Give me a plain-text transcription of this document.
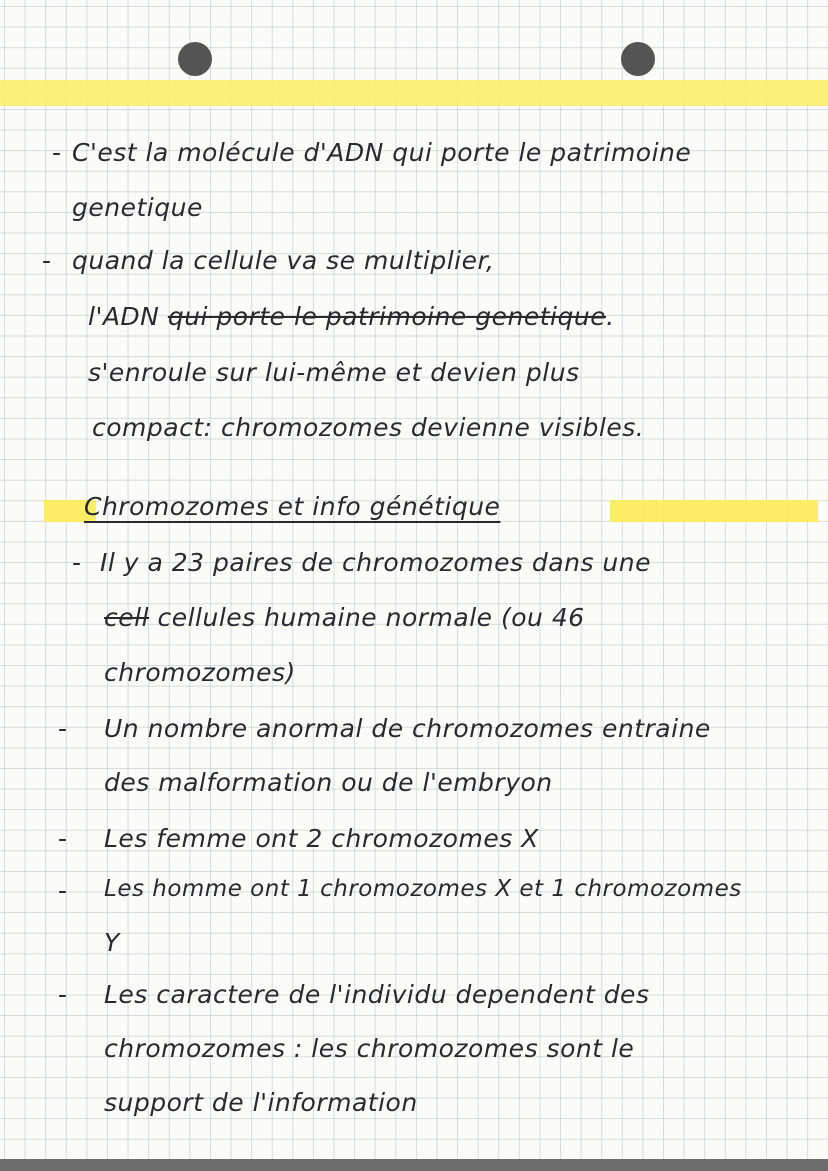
- C'est la molécule d'ADN qui porte le patrimoine
genetique
- quand la cellule va se multiplier,
l'ADN qui porte le patrimoine genetique.
s'enroule sur lui-même et devien plus
compact: chromozomes devienne visibles.
Chromozomes et info génétique
- Il y a 23 paires de chromozomes dans une
cell cellules humaine normale (ou 46
chromozomes)
- Un nombre anormal de chromozomes entraine
des malformation ou de l'embryon
- Les femme ont 2 chromozomes X
- Les homme ont 1 chromozomes X et 1 chromozomes
Y
- Les caractere de l'individu dependent des
chromozomes : les chromozomes sont le
support de l'information
